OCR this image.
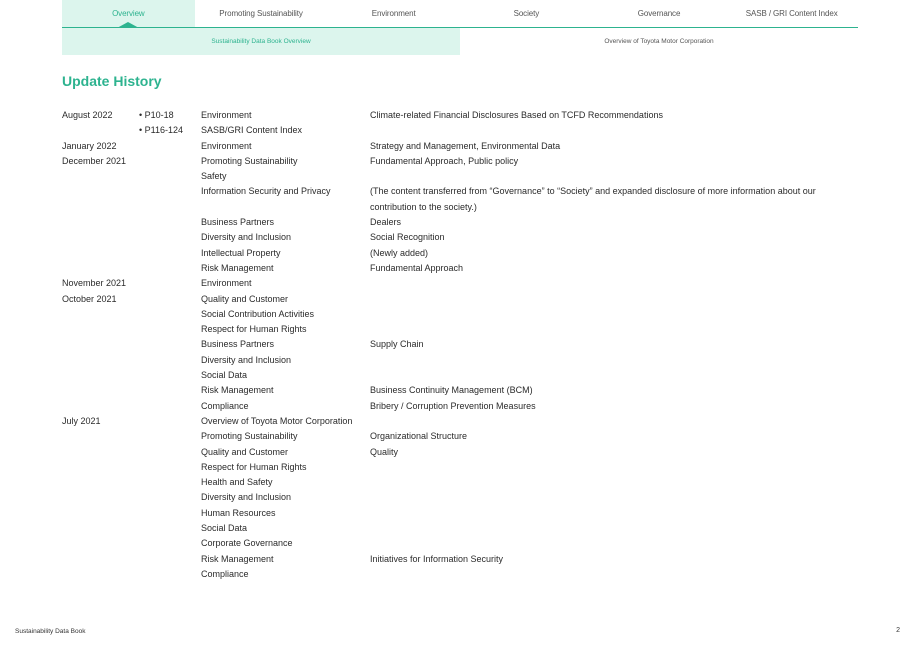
Overview	Promoting Sustainability	Environment	Society	Governance	SASB / GRI Content Index
Sustainability Data Book Overview	Overview of Toyota Motor Corporation
Update History
August 2022
•	P10-18	Environment	Climate-related Financial Disclosures Based on TCFD Recommendations
• P116-124	SASB/GRI Content Index
January 2022	Environment	Strategy and Management, Environmental Data
December 2021	Promoting Sustainability	Fundamental Approach, Public policy
Safety
Information Security and Privacy	(The content transferred from “Governance” to “Society” and expanded disclosure of more information about our contribution to the society.)
Business Partners	Dealers
Diversity and Inclusion	Social Recognition
Intellectual Property	(Newly added)
Risk Management	Fundamental Approach
November 2021	Environment
October 2021	Quality and Customer
Social Contribution Activities
Respect for Human Rights
Business Partners	Supply Chain
Diversity and Inclusion
Social Data
Risk Management	Business Continuity Management (BCM)
Compliance	Bribery / Corruption Prevention Measures
July 2021	Overview of Toyota Motor Corporation
Promoting Sustainability	Organizational Structure
Quality and Customer	Quality
Respect for Human Rights
Health and Safety
Diversity and Inclusion
Human Resources
Social Data
Corporate Governance
Risk Management	Initiatives for Information Security
Compliance
Sustainability Data Book	2
